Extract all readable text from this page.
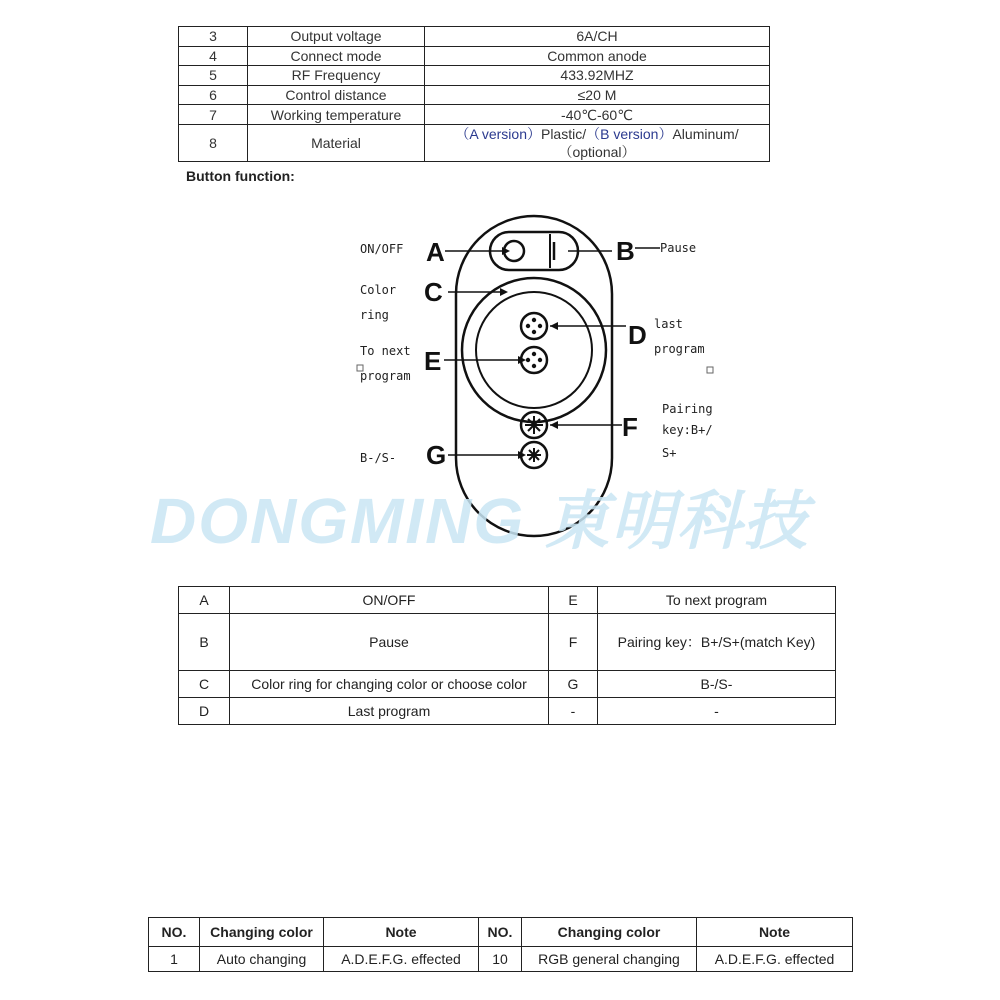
3	Output voltage	6A/CH
4	Connect mode	Common anode
5	RF Frequency	433.92MHZ
6	Control distance	≤20 M
7	Working temperature	-40℃-60℃
8	Material	（A version）Plastic/（B version）Aluminum/（optional）
Button function:
A	B
C
D
E
F
G
ON/OFF	Pause
Color
ring
To next
program
last
program
Pairing
key:B+/
S+
B-/S-
DONGMING 東明科技
A	ON/OFF	E	To next program
B	Pause	F	Pairing key：B+/S+(match Key)
C	Color ring for changing color or choose color	G	B-/S-
D	Last program	-	-
NO.	Changing color	Note	NO.	Changing color	Note
1	Auto changing	A.D.E.F.G. effected	10	RGB general changing	A.D.E.F.G. effected
